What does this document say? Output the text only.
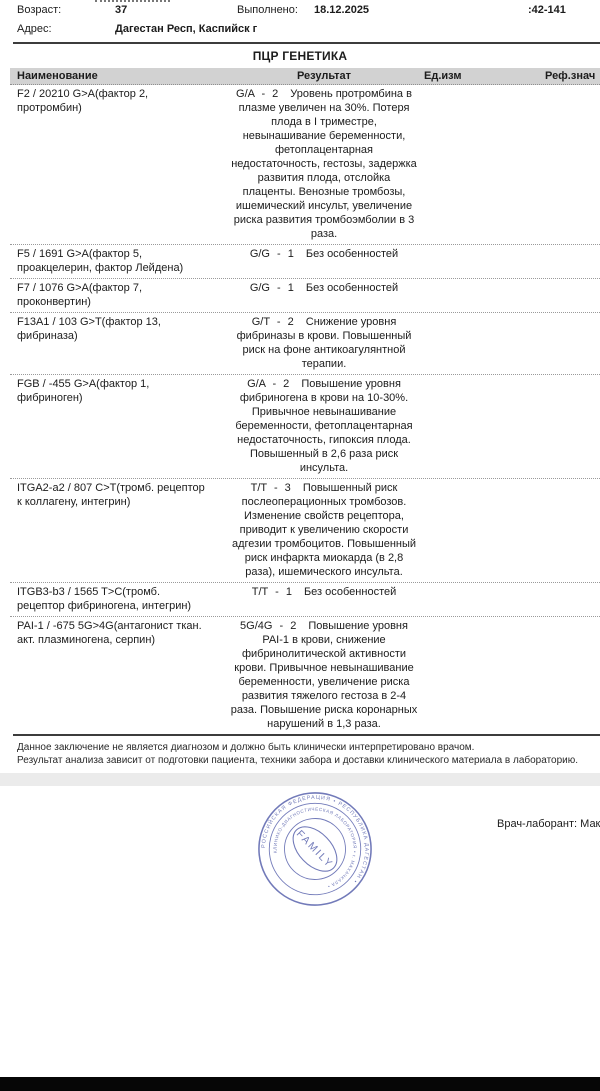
Возраст:	37	Выполнено: 18.12.2025	:42-141
Адрес:	Дагестан Респ, Каспийск г
ПЦР ГЕНЕТИКА
Наименование	Результат	Ед.изм	Реф.знач
F2 / 20210 G>A(фактор 2, протромбин)
G/A - 2 Уровень протромбина в плазме увеличен на 30%. Потеря плода в I триместре, невынашивание беременности, фетоплацентарная недостаточность, гестозы, задержка развития плода, отслойка плаценты. Венозные тромбозы, ишемический инсульт, увеличение риска развития тромбоэмболии в 3 раза.
F5 / 1691 G>A(фактор 5, проакцелерин, фактор Лейдена)
G/G - 1 Без особенностей
F7 / 1076 G>A(фактор 7, проконвертин)
G/G - 1 Без особенностей
F13A1 / 103 G>T(фактор 13, фибриназа)
G/T - 2 Снижение уровня фибриназы в крови. Повышенный риск на фоне антикоагулянтной терапии.
FGB / -455 G>A(фактор 1, фибриноген)
G/A - 2 Повышение уровня фибриногена в крови на 10-30%. Привычное невынашивание беременности, фетоплацентарная недостаточность, гипоксия плода. Повышенный в 2,6 раза риск инсульта.
ITGA2-a2 / 807 C>T(тромб. рецептор к коллагену, интегрин)
T/T - 3 Повышенный риск послеоперационных тромбозов. Изменение свойств рецептора, приводит к увеличению скорости адгезии тромбоцитов. Повышенный риск инфаркта миокарда (в 2,8 раза), ишемического инсульта.
ITGB3-b3 / 1565 T>C(тромб. рецептор фибриногена, интегрин)
T/T - 1 Без особенностей
PAI-1 / -675 5G>4G(антагонист ткан. акт. плазминогена, серпин)
5G/4G - 2 Повышение уровня PAI-1 в крови, снижение фибринолитической активности крови. Привычное невынашивание беременности, увеличение риска развития тяжелого гестоза в 2-4 раза. Повышение риска коронарных нарушений в 1,3 раза.
Данное заключение не является диагнозом и должно быть клинически интерпретировано врачом.
Результат анализа зависит от подготовки пациента, техники забора и доставки клинического материала в лабораторию.
РОССИЙСКАЯ ФЕДЕРАЦИЯ • РЕСПУБЛИКА ДАГЕСТАН •
КЛИНИКО-ДИАГНОСТИЧЕСКАЯ ЛАБОРАТОРИЯ • г. МАХАЧКАЛА •
FAMILY
Врач-лаборант: Мак
